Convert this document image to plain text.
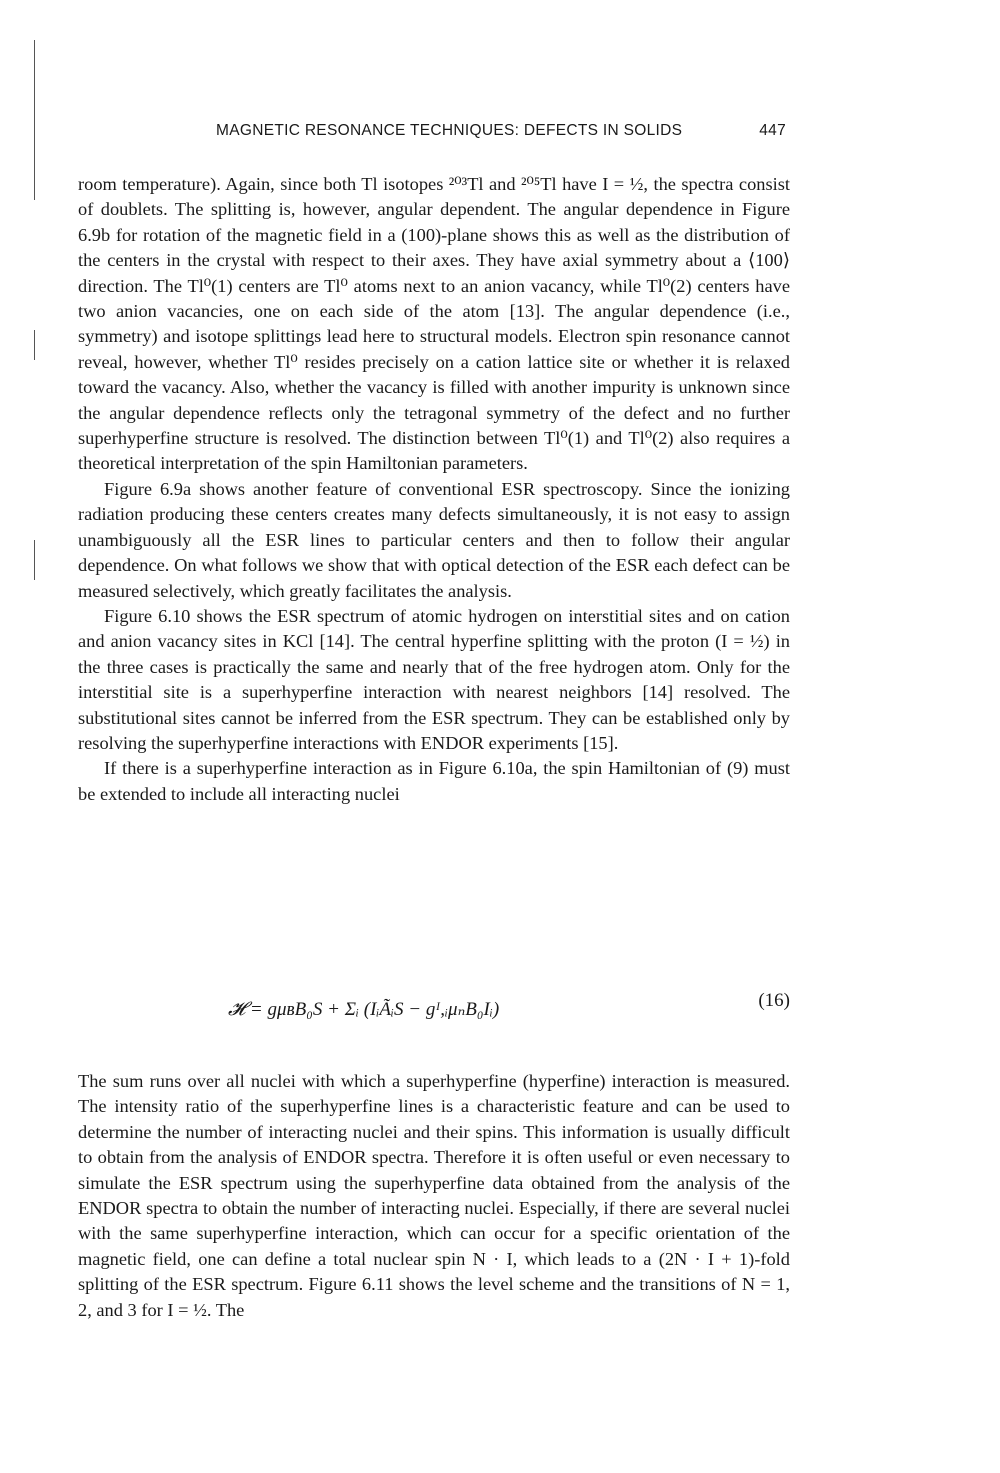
MAGNETIC RESONANCE TECHNIQUES: DEFECTS IN SOLIDS	447

room temperature). Again, since both Tl isotopes ²⁰³Tl and ²⁰⁵Tl have I = ½, the spectra consist of doublets. The splitting is, however, angular dependent. The angular dependence in Figure 6.9b for rotation of the magnetic field in a (100)-plane shows this as well as the distribution of the centers in the crystal with respect to their axes. They have axial symmetry about a ⟨100⟩ direction. The Tl⁰(1) centers are Tl⁰ atoms next to an anion vacancy, while Tl⁰(2) centers have two anion vacancies, one on each side of the atom [13]. The angular dependence (i.e., symmetry) and isotope splittings lead here to structural models. Electron spin resonance cannot reveal, however, whether Tl⁰ resides precisely on a cation lattice site or whether it is relaxed toward the vacancy. Also, whether the vacancy is filled with another impurity is unknown since the angular dependence reflects only the tetragonal symmetry of the defect and no further superhyperfine structure is resolved. The distinction between Tl⁰(1) and Tl⁰(2) also requires a theoretical interpretation of the spin Hamiltonian parameters.

Figure 6.9a shows another feature of conventional ESR spectroscopy. Since the ionizing radiation producing these centers creates many defects simultaneously, it is not easy to assign unambiguously all the ESR lines to particular centers and then to follow their angular dependence. On what follows we show that with optical detection of the ESR each defect can be measured selectively, which greatly facilitates the analysis.

Figure 6.10 shows the ESR spectrum of atomic hydrogen on interstitial sites and on cation and anion vacancy sites in KCl [14]. The central hyperfine splitting with the proton (I = ½) in the three cases is practically the same and nearly that of the free hydrogen atom. Only for the interstitial site is a superhyperfine interaction with nearest neighbors [14] resolved. The substitutional sites cannot be inferred from the ESR spectrum. They can be established only by resolving the superhyperfine interactions with ENDOR experiments [15].

If there is a superhyperfine interaction as in Figure 6.10a, the spin Hamiltonian of (9) must be extended to include all interacting nuclei

𝓗 = gμʙB₀S + Σᵢ (IᵢÃᵢS − gᴵ,ᵢμₙB₀Iᵢ)	(16)

The sum runs over all nuclei with which a superhyperfine (hyperfine) interaction is measured. The intensity ratio of the superhyperfine lines is a characteristic feature and can be used to determine the number of interacting nuclei and their spins. This information is usually difficult to obtain from the analysis of ENDOR spectra. Therefore it is often useful or even necessary to simulate the ESR spectrum using the superhyperfine data obtained from the analysis of the ENDOR spectra to obtain the number of interacting nuclei. Especially, if there are several nuclei with the same superhyperfine interaction, which can occur for a specific orientation of the magnetic field, one can define a total nuclear spin N · I, which leads to a (2N · I + 1)-fold splitting of the ESR spectrum. Figure 6.11 shows the level scheme and the transitions of N = 1, 2, and 3 for I = ½. The
